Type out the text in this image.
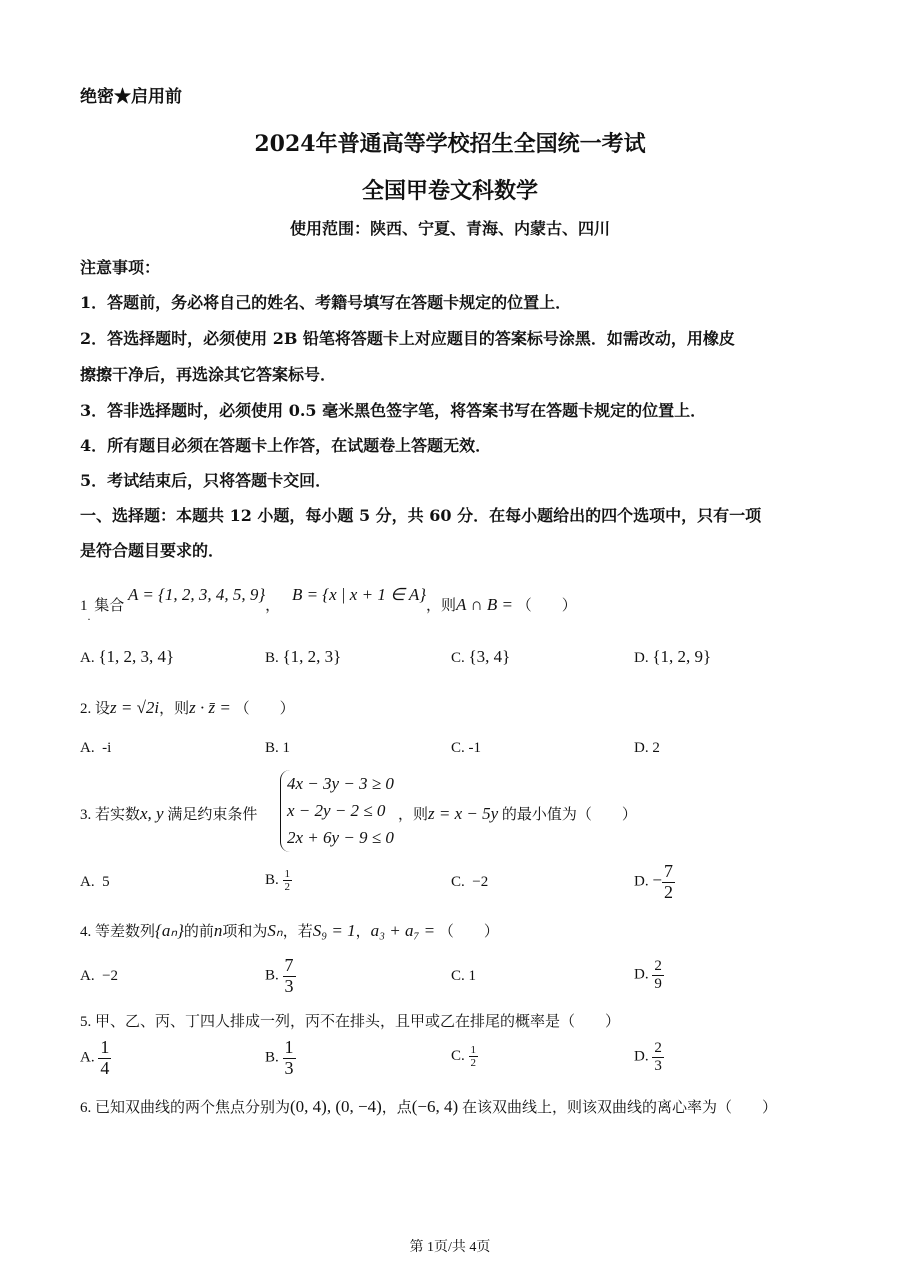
绝密★启用前
2024年普通高等学校招生全国统一考试
全国甲卷文科数学
使用范围：陕西、宁夏、青海、内蒙古、四川
注意事项：
1．答题前，务必将自己的姓名、考籍号填写在答题卡规定的位置上．
2．答选择题时，必须使用 2B 铅笔将答题卡上对应题目的答案标号涂黑．如需改动，用橡皮
擦擦干净后，再选涂其它答案标号．
3．答非选择题时，必须使用 0.5 毫米黑色签字笔，将答案书写在答题卡规定的位置上．
4．所有题目必须在答题卡上作答，在试题卷上答题无效．
5．考试结束后，只将答题卡交回．
一、选择题：本题共 12 小题，每小题 5 分，共 60 分．在每小题给出的四个选项中，只有一项
是符合题目要求的．
$1_.$ 集合 A = {1, 2, 3, 4, 5, 9}， B = {x | x + 1 ∈ A}，则A ∩ B = （　　）
A. {1, 2, 3, 4}	B. {1, 2, 3}	C. {3, 4}	D. {1, 2, 9}
2. 设z = √2i，则z · z̄ = （　　）
A. -i	B. 1	C. -1	D. 2
3. 若实数x, y 满足约束条件
4x − 3y − 3 ≥ 0
x − 2y − 2 ≤ 0
2x + 6y − 9 ≤ 0
，则z = x − 5y 的最小值为（　　）
A. 5	B. $\frac{1}{2}$	C. −2	D. − $\frac{7}{2}$
4. 等差数列{aₙ}的前n项和为Sₙ，若S₉ = 1，a₃ + a₇ = （　　）
A. −2	B. $\frac{7}{3}$	C. 1	D. $\frac{2}{9}$
5. 甲、乙、丙、丁四人排成一列，丙不在排头，且甲或乙在排尾的概率是（　　）
A. $\frac{1}{4}$	B. $\frac{1}{3}$	C. $\frac{1}{2}$	D. $\frac{2}{3}$
6. 已知双曲线的两个焦点分别为(0, 4), (0, −4)，点(−6, 4) 在该双曲线上，则该双曲线的离心率为（　　）
第 1页/共 4页
